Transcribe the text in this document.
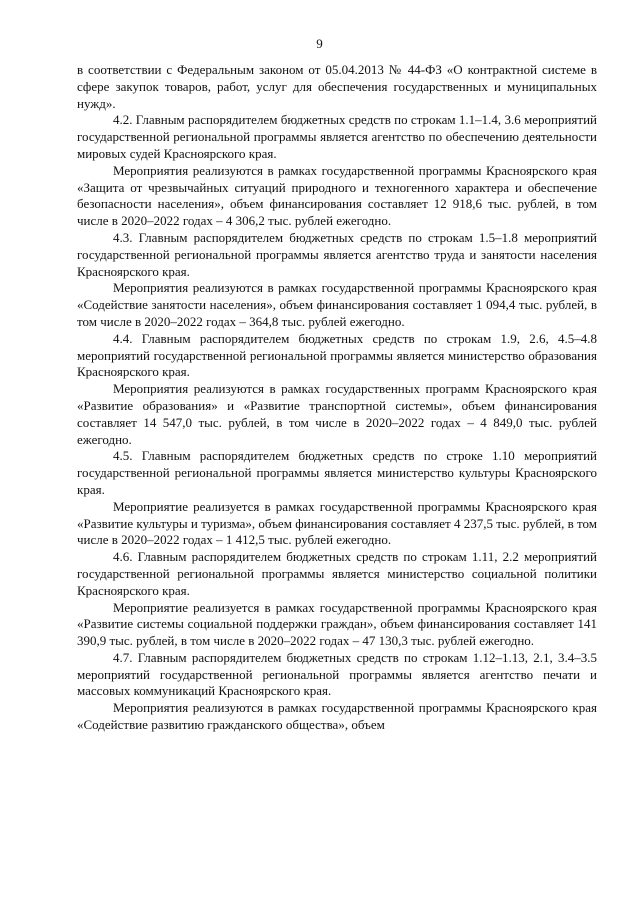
9

в соответствии с Федеральным законом от 05.04.2013 № 44-ФЗ «О контрактной системе в сфере закупок товаров, работ, услуг для обеспечения государственных и муниципальных нужд».

4.2. Главным распорядителем бюджетных средств по строкам 1.1–1.4, 3.6 мероприятий государственной региональной программы является агентство по обеспечению деятельности мировых судей Красноярского края.

Мероприятия реализуются в рамках государственной программы Красноярского края «Защита от чрезвычайных ситуаций природного и техногенного характера и обеспечение безопасности населения», объем финансирования составляет 12 918,6 тыс. рублей, в том числе в 2020–2022 годах – 4 306,2 тыс. рублей ежегодно.

4.3. Главным распорядителем бюджетных средств по строкам 1.5–1.8 мероприятий государственной региональной программы является агентство труда и занятости населения Красноярского края.

Мероприятия реализуются в рамках государственной программы Красноярского края «Содействие занятости населения», объем финансирования составляет 1 094,4 тыс. рублей, в том числе в 2020–2022 годах – 364,8 тыс. рублей ежегодно.

4.4. Главным распорядителем бюджетных средств по строкам 1.9, 2.6, 4.5–4.8 мероприятий государственной региональной программы является министерство образования Красноярского края.

Мероприятия реализуются в рамках государственных программ Красноярского края «Развитие образования» и «Развитие транспортной системы», объем финансирования составляет 14 547,0 тыс. рублей, в том числе в 2020–2022 годах – 4 849,0 тыс. рублей ежегодно.

4.5. Главным распорядителем бюджетных средств по строке 1.10 мероприятий государственной региональной программы является министерство культуры Красноярского края.

Мероприятие реализуется в рамках государственной программы Красноярского края «Развитие культуры и туризма», объем финансирования составляет 4 237,5 тыс. рублей, в том числе в 2020–2022 годах – 1 412,5 тыс. рублей ежегодно.

4.6. Главным распорядителем бюджетных средств по строкам 1.11, 2.2 мероприятий государственной региональной программы является министерство социальной политики Красноярского края.

Мероприятие реализуется в рамках государственной программы Красноярского края «Развитие системы социальной поддержки граждан», объем финансирования составляет 141 390,9 тыс. рублей, в том числе в 2020–2022 годах – 47 130,3 тыс. рублей ежегодно.

4.7. Главным распорядителем бюджетных средств по строкам 1.12–1.13, 2.1, 3.4–3.5 мероприятий государственной региональной программы является агентство печати и массовых коммуникаций Красноярского края.

Мероприятия реализуются в рамках государственной программы Красноярского края «Содействие развитию гражданского общества», объем
